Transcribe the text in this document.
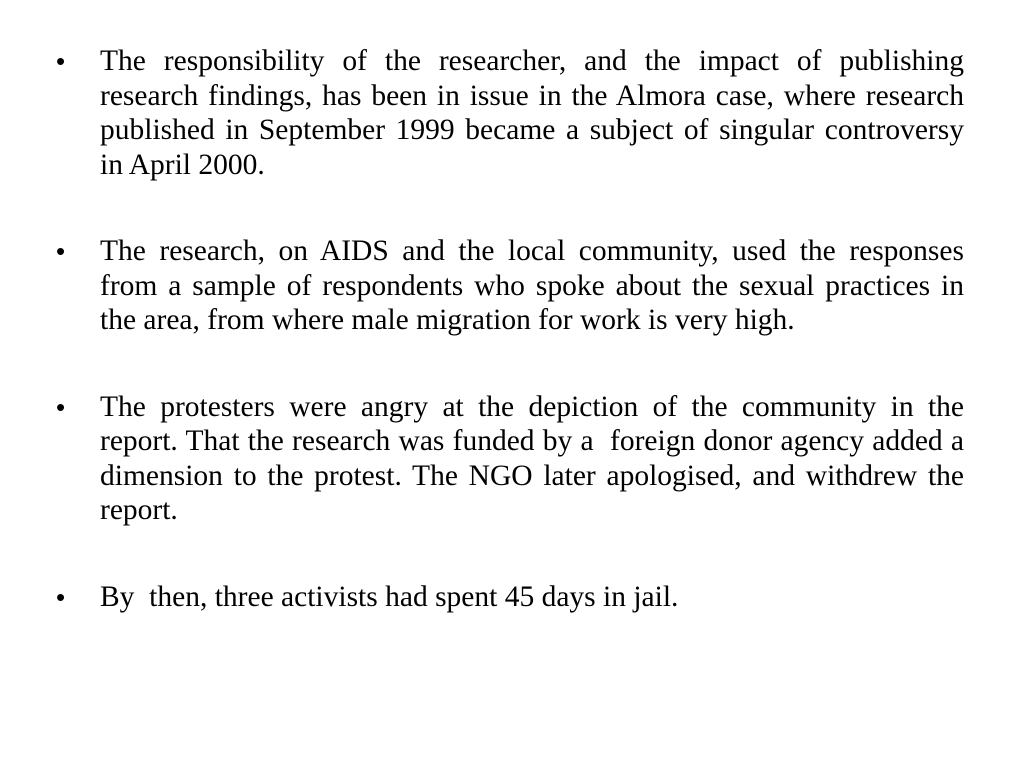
•	The responsibility of the researcher, and the impact of publishing research findings, has been in issue in the Almora case, where research published in September 1999 became a subject of singular controversy in April 2000.
•	The research, on AIDS and the local community, used the responses from a sample of respondents who spoke about the sexual practices in the area, from where male migration for work is very high.
•	The protesters were angry at the depiction of the community in the report. That the research was funded by a  foreign donor agency added a dimension to the protest. The NGO later apologised, and withdrew the report.
•	By  then, three activists had spent 45 days in jail.
